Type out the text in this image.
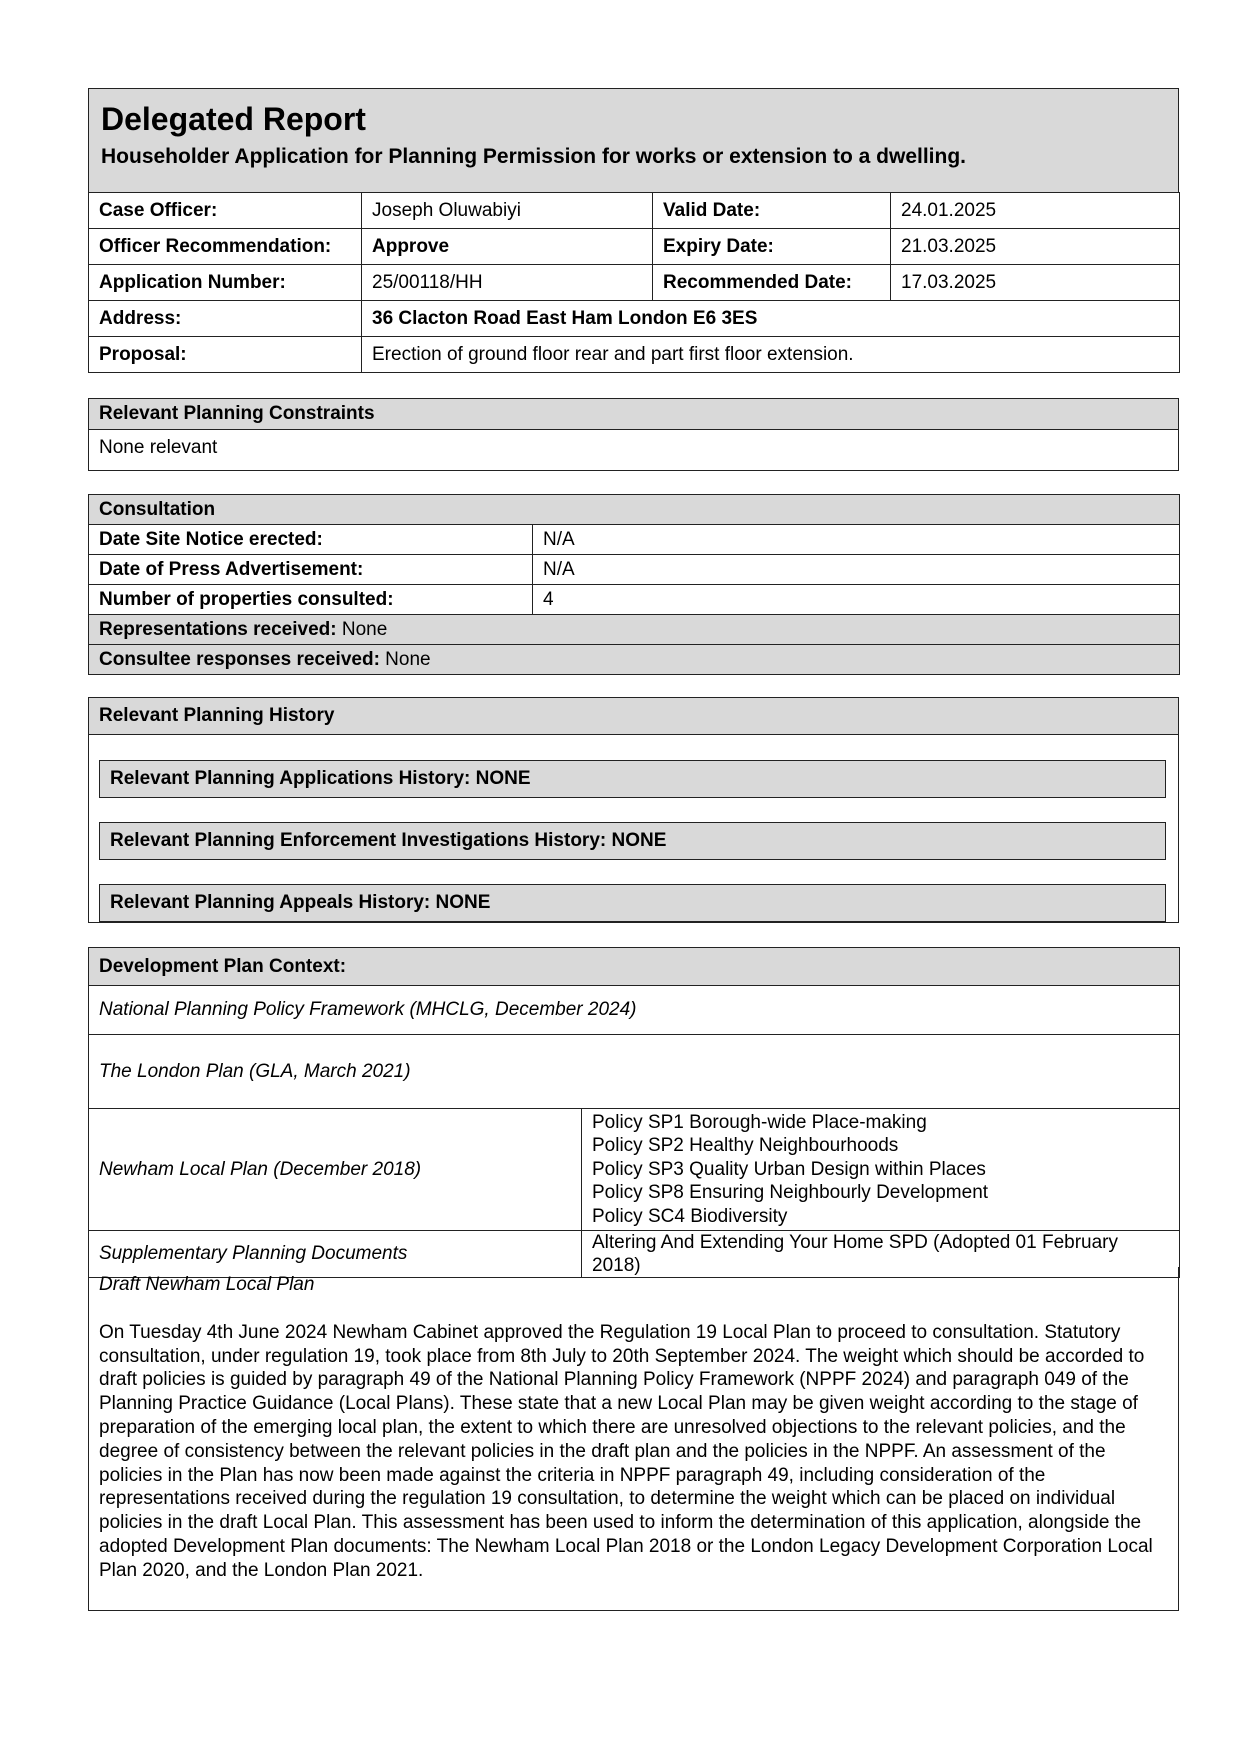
Delegated Report
Householder Application for Planning Permission for works or extension to a dwelling.
Case Officer:	Joseph Oluwabiyi	Valid Date:	24.01.2025
Officer Recommendation:	Approve	Expiry Date:	21.03.2025
Application Number:	25/00118/HH	Recommended Date:	17.03.2025
Address:	36 Clacton Road East Ham London E6 3ES		
Proposal:	Erection of ground floor rear and part first floor extension.		
Relevant Planning Constraints
None relevant
Consultation	
Date Site Notice erected:	N/A
Date of Press Advertisement:	N/A
Number of properties consulted:	4
Representations received: None	
Consultee responses received: None	
Relevant Planning History
Relevant Planning Applications History: NONE
Relevant Planning Enforcement Investigations History: NONE
Relevant Planning Appeals History: NONE
Development Plan Context:	
National Planning Policy Framework (MHCLG, December 2024)	
The London Plan (GLA, March 2021)	
Newham Local Plan (December 2018)	Policy SP1 Borough-wide Place-making
Policy SP2 Healthy Neighbourhoods
Policy SP3 Quality Urban Design within Places
Policy SP8 Ensuring Neighbourly Development
Policy SC4 Biodiversity

Supplementary Planning Documents	Altering And Extending Your Home SPD (Adopted 01 February 2018)

Draft Newham Local Plan

On Tuesday 4th June 2024 Newham Cabinet approved the Regulation 19 Local Plan to proceed to consultation. Statutory consultation, under regulation 19, took place from 8th July to 20th September 2024. The weight which should be accorded to draft policies is guided by paragraph 49 of the National Planning Policy Framework (NPPF 2024) and paragraph 049 of the Planning Practice Guidance (Local Plans). These state that a new Local Plan may be given weight according to the stage of preparation of the emerging local plan, the extent to which there are unresolved objections to the relevant policies, and the degree of consistency between the relevant policies in the draft plan and the policies in the NPPF. An assessment of the policies in the Plan has now been made against the criteria in NPPF paragraph 49, including consideration of the representations received during the regulation 19 consultation, to determine the weight which can be placed on individual policies in the draft Local Plan. This assessment has been used to inform the determination of this application, alongside the adopted Development Plan documents: The Newham Local Plan 2018 or the London Legacy Development Corporation Local Plan 2020, and the London Plan 2021.
